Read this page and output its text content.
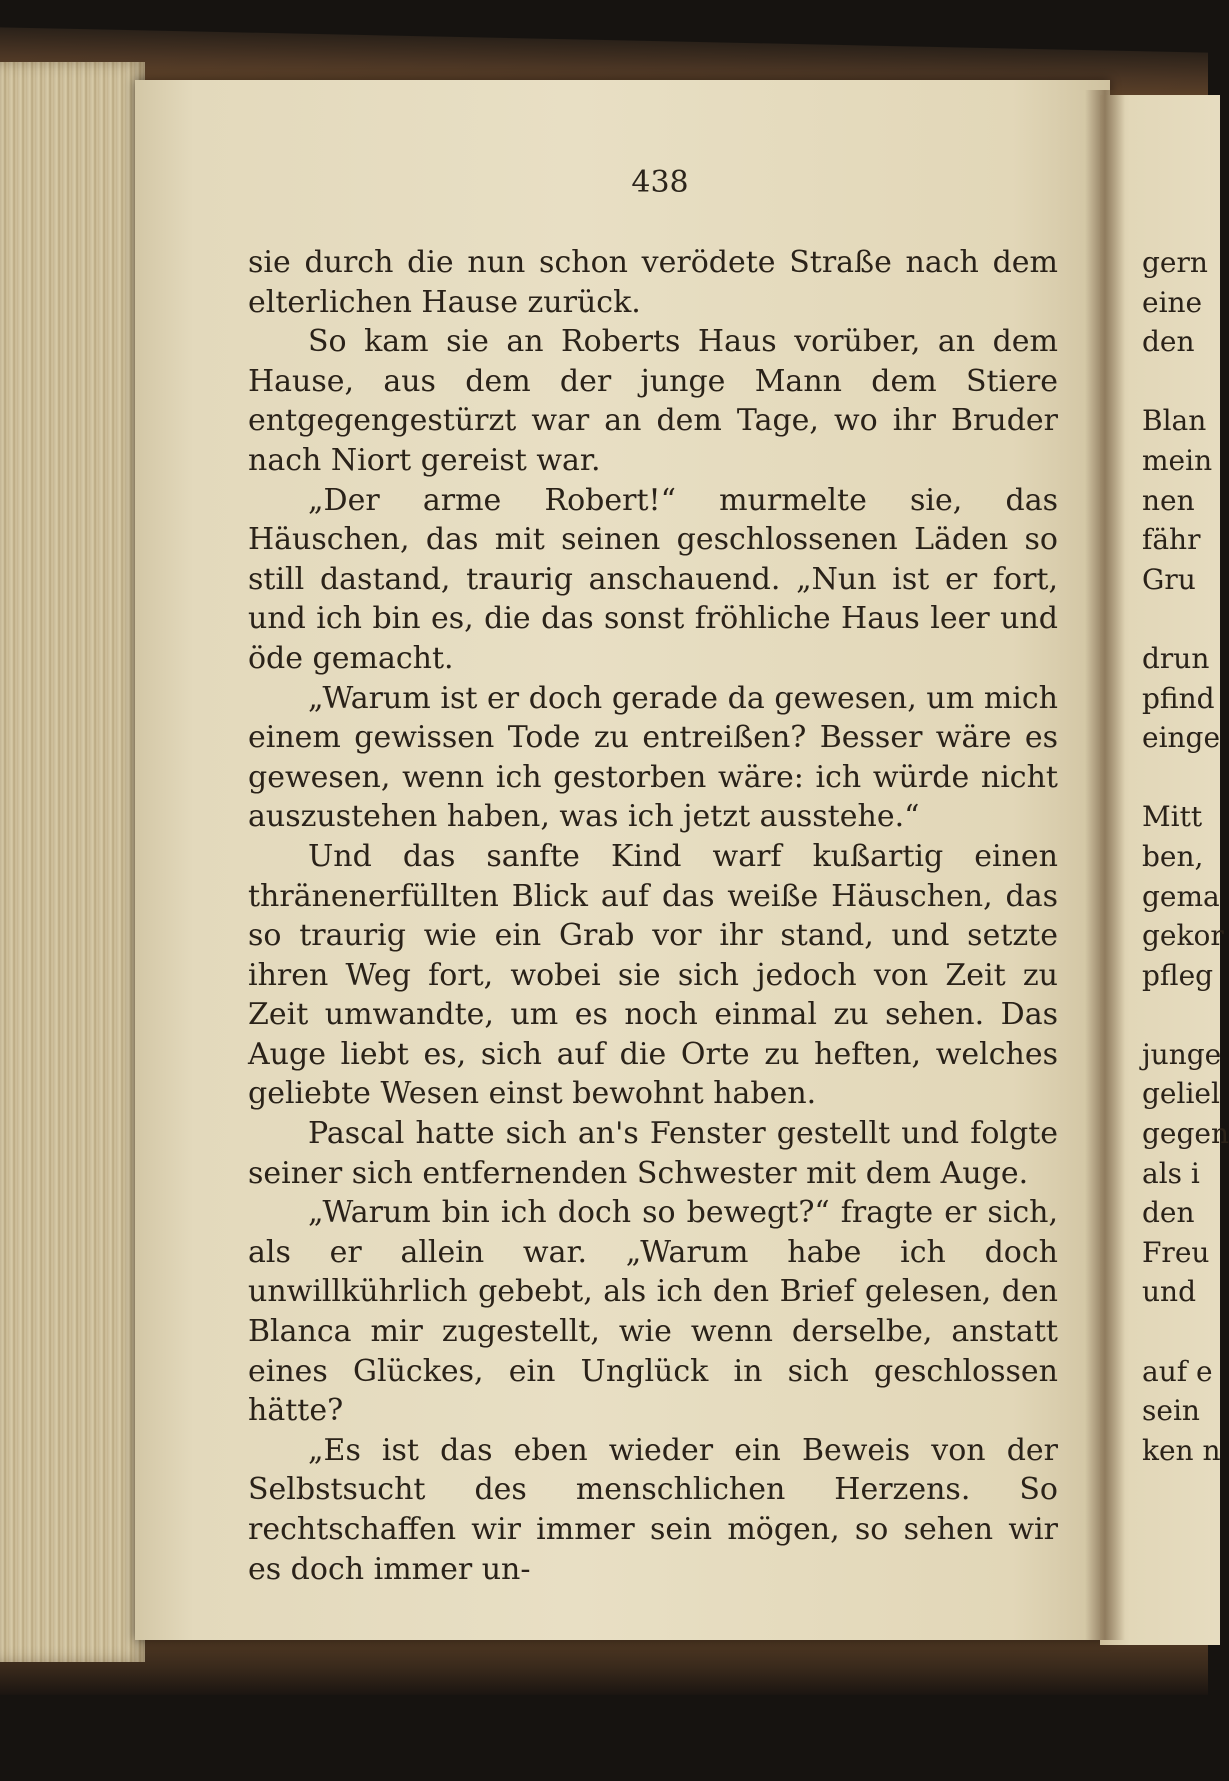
438

sie durch die nun schon verödete Straße nach dem elterlichen Hause zurück.

So kam sie an Roberts Haus vorüber, an dem Hause, aus dem der junge Mann dem Stiere entgegengestürzt war an dem Tage, wo ihr Bruder nach Niort gereist war.

„Der arme Robert!“ murmelte sie, das Häuschen, das mit seinen geschlossenen Läden so still dastand, traurig anschauend. „Nun ist er fort, und ich bin es, die das sonst fröhliche Haus leer und öde gemacht.

„Warum ist er doch gerade da gewesen, um mich einem gewissen Tode zu entreißen? Besser wäre es gewesen, wenn ich gestorben wäre: ich würde nicht auszustehen haben, was ich jetzt ausstehe.“

Und das sanfte Kind warf kußartig einen thränenerfüllten Blick auf das weiße Häuschen, das so traurig wie ein Grab vor ihr stand, und setzte ihren Weg fort, wobei sie sich jedoch von Zeit zu Zeit umwandte, um es noch einmal zu sehen. Das Auge liebt es, sich auf die Orte zu heften, welches geliebte Wesen einst bewohnt haben.

Pascal hatte sich an's Fenster gestellt und folgte seiner sich entfernenden Schwester mit dem Auge.

„Warum bin ich doch so bewegt?“ fragte er sich, als er allein war. „Warum habe ich doch unwillkührlich gebebt, als ich den Brief gelesen, den Blanca mir zugestellt, wie wenn derselbe, anstatt eines Glückes, ein Unglück in sich geschlossen hätte?

„Es ist das eben wieder ein Beweis von der Selbstsucht des menschlichen Herzens. So rechtschaffen wir immer sein mögen, so sehen wir es doch immer un-

gern
eine
den
Blan
mein
nen
fähr
Gru
drun
pfind
einge
Mitt
ben,
gema
gekor
pfleg
junge
geliel
gegen
als i
den
Freu
und
auf e
sein
ken n
